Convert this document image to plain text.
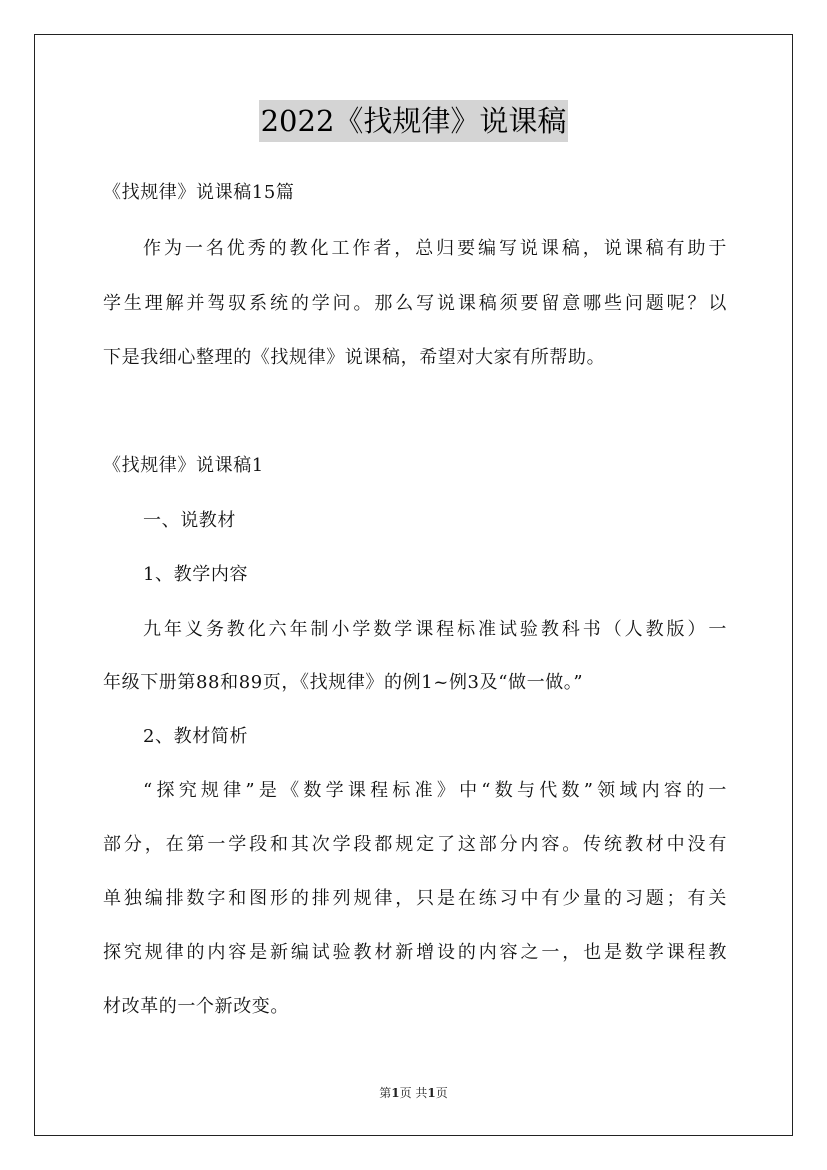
2022《找规律》说课稿
《找规律》说课稿15篇
作为一名优秀的教化工作者，总归要编写说课稿，说课稿有助于
学生理解并驾驭系统的学问。那么写说课稿须要留意哪些问题呢？以
下是我细心整理的《找规律》说课稿，希望对大家有所帮助。
《找规律》说课稿1
一、说教材
1、教学内容
九年义务教化六年制小学数学课程标准试验教科书（人教版）一
年级下册第88和89页，《找规律》的例1~例3及“做一做。”
2、教材简析
“探究规律”是《数学课程标准》中“数与代数”领域内容的一
部分，在第一学段和其次学段都规定了这部分内容。传统教材中没有
单独编排数字和图形的排列规律，只是在练习中有少量的习题；有关
探究规律的内容是新编试验教材新增设的内容之一，也是数学课程教
材改革的一个新改变。
第1页 共1页
